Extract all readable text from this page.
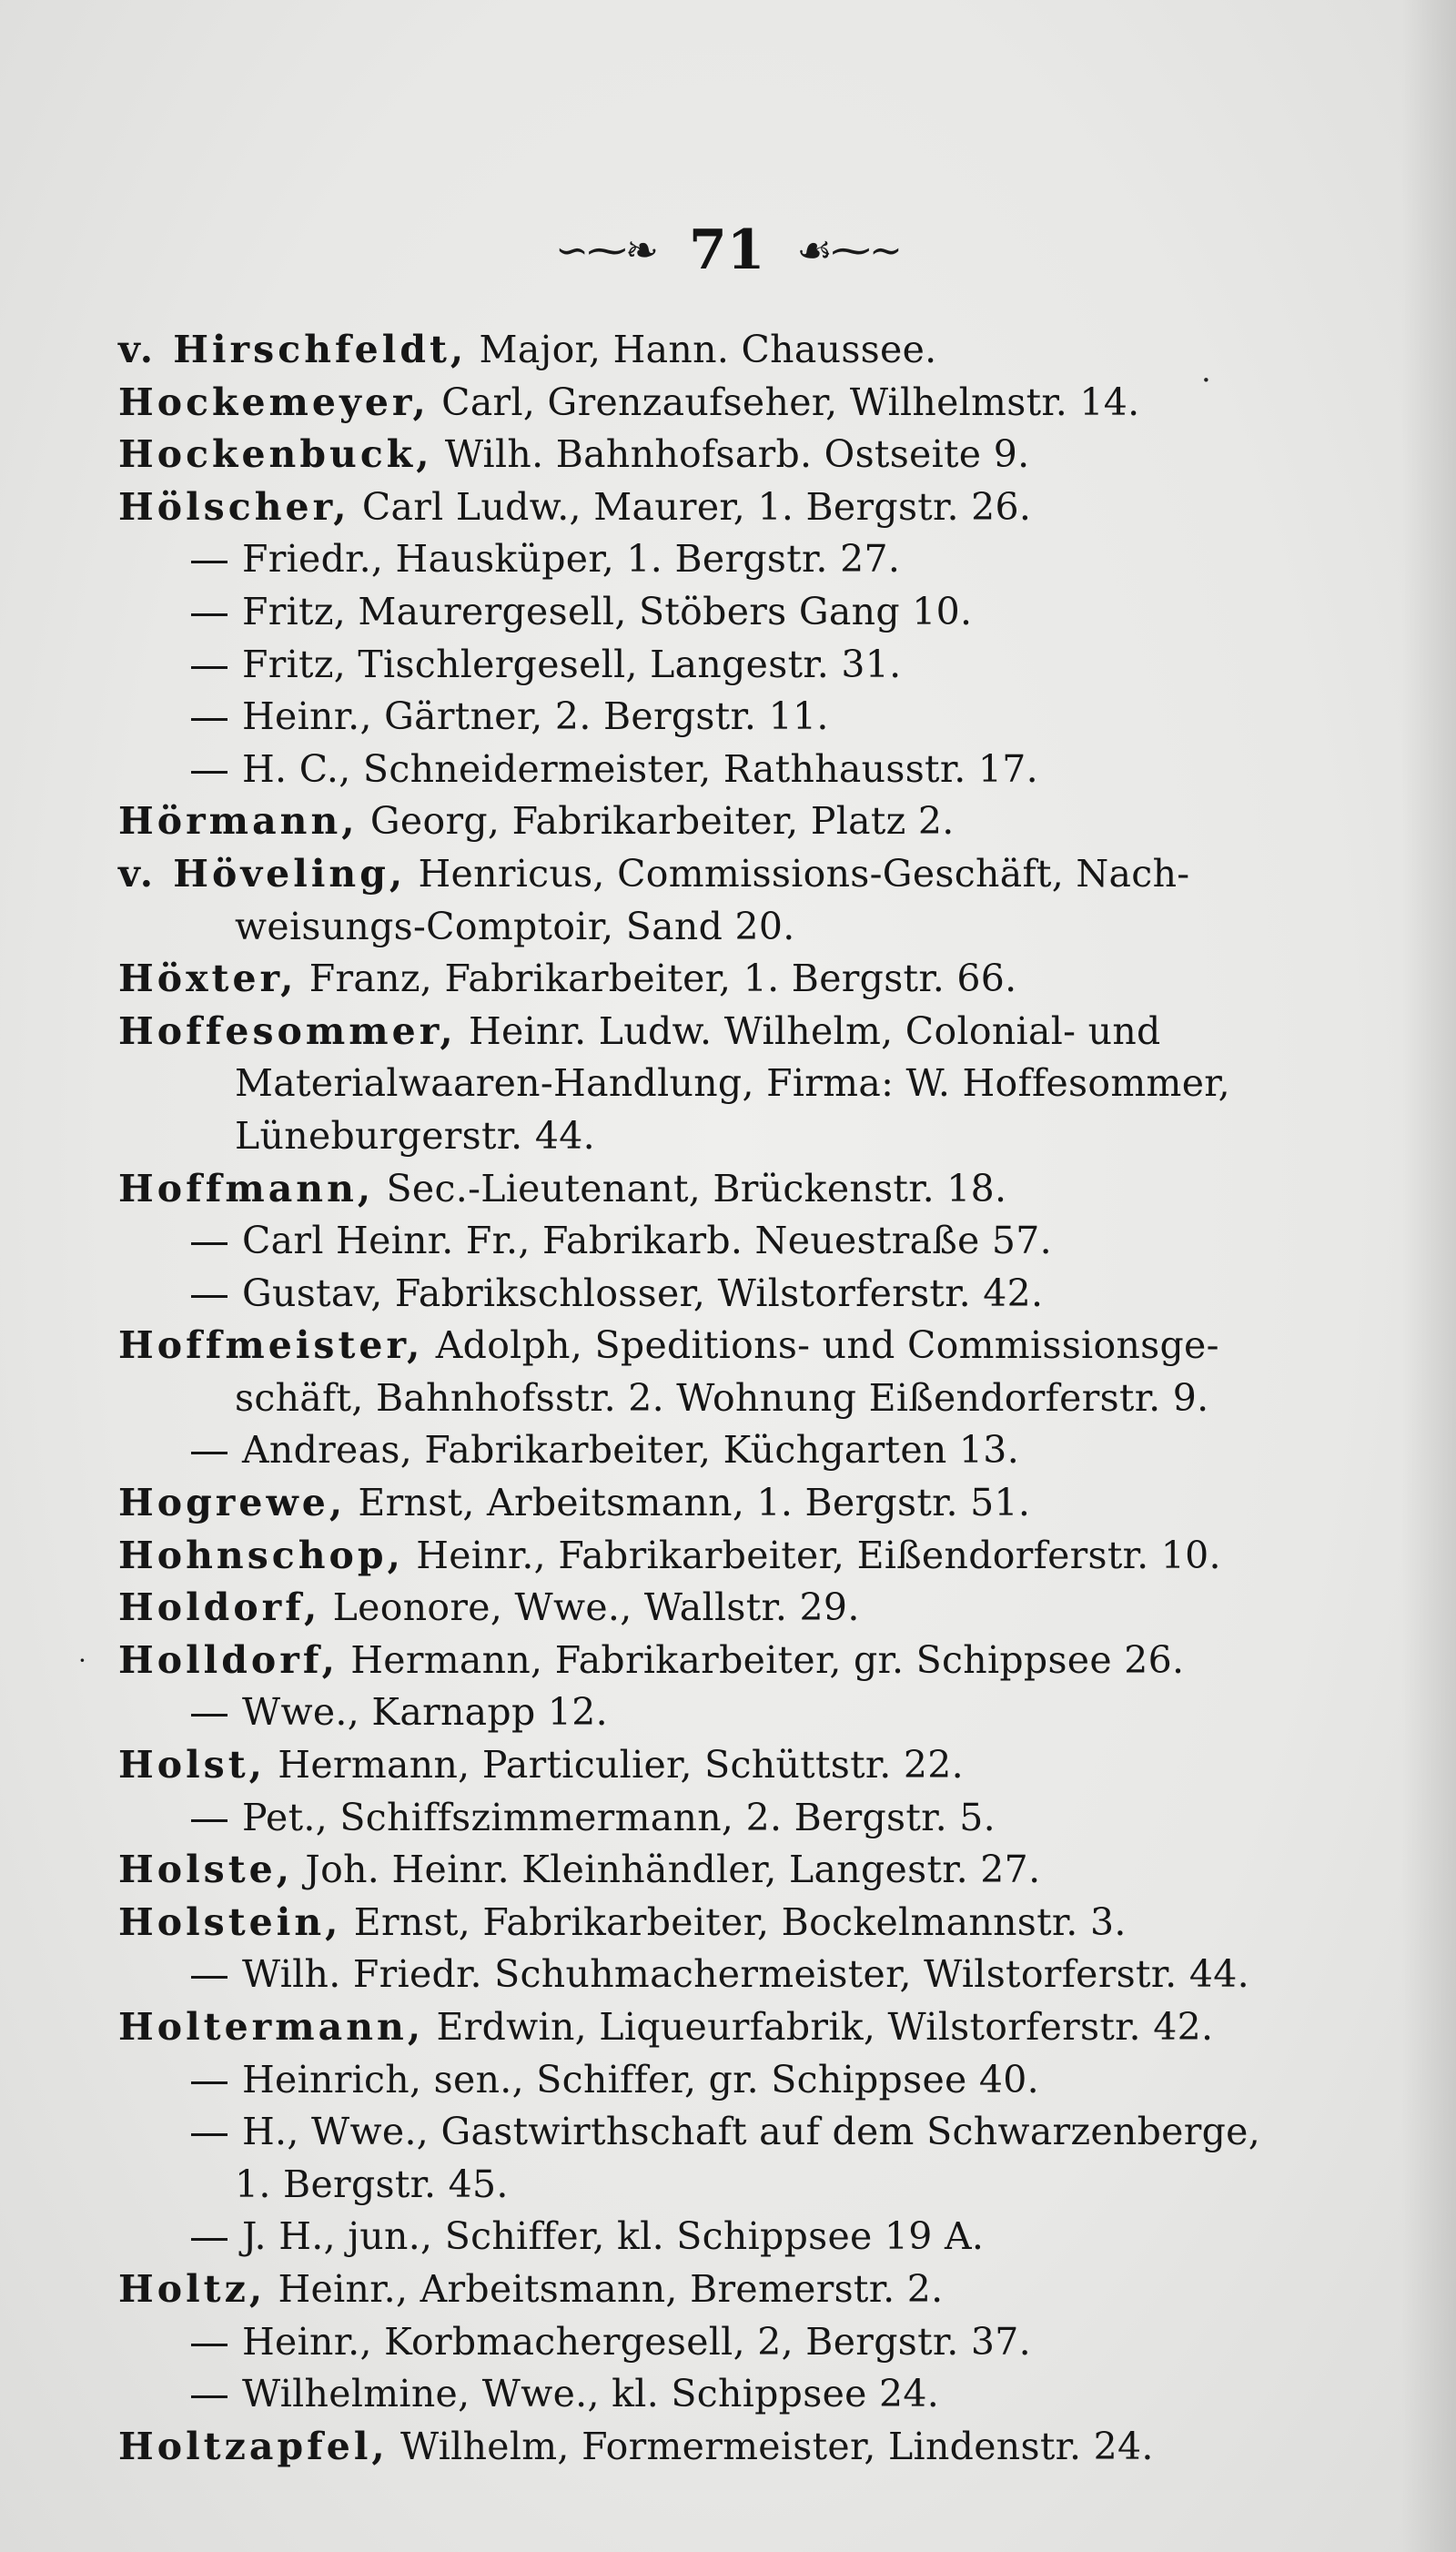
∽⁓❧ 71 ☙⁓∼
·
v. Hirschfeldt, Major, Hann. Chaussee.
Hockemeyer, Carl, Grenzaufseher, Wilhelmstr. 14.
Hockenbuck, Wilh. Bahnhofsarb. Ostseite 9.
Hölscher, Carl Ludw., Maurer, 1. Bergstr. 26.
Friedr., Hausküper, 1. Bergstr. 27.
Fritz, Maurergesell, Stöbers Gang 10.
Fritz, Tischlergesell, Langestr. 31.
Heinr., Gärtner, 2. Bergstr. 11.
H. C., Schneidermeister, Rathhausstr. 17.
Hörmann, Georg, Fabrikarbeiter, Platz 2.
v. Höveling, Henricus, Commissions-Geschäft, Nach-
weisungs-Comptoir, Sand 20.
Höxter, Franz, Fabrikarbeiter, 1. Bergstr. 66.
Hoffesommer, Heinr. Ludw. Wilhelm, Colonial- und
Materialwaaren-Handlung, Firma: W. Hoffesommer,
Lüneburgerstr. 44.
Hoffmann, Sec.-Lieutenant, Brückenstr. 18.
Carl Heinr. Fr., Fabrikarb. Neuestraße 57.
Gustav, Fabrikschlosser, Wilstorferstr. 42.
Hoffmeister, Adolph, Speditions- und Commissionsge-
schäft, Bahnhofsstr. 2. Wohnung Eißendorferstr. 9.
Andreas, Fabrikarbeiter, Küchgarten 13.
Hogrewe, Ernst, Arbeitsmann, 1. Bergstr. 51.
Hohnschop, Heinr., Fabrikarbeiter, Eißendorferstr. 10.
Holdorf, Leonore, Wwe., Wallstr. 29.
· Holldorf, Hermann, Fabrikarbeiter, gr. Schippsee 26.
Wwe., Karnapp 12.
Holst, Hermann, Particulier, Schüttstr. 22.
Pet., Schiffszimmermann, 2. Bergstr. 5.
Holste, Joh. Heinr. Kleinhändler, Langestr. 27.
Holstein, Ernst, Fabrikarbeiter, Bockelmannstr. 3.
Wilh. Friedr. Schuhmachermeister, Wilstorferstr. 44.
Holtermann, Erdwin, Liqueurfabrik, Wilstorferstr. 42.
Heinrich, sen., Schiffer, gr. Schippsee 40.
H., Wwe., Gastwirthschaft auf dem Schwarzenberge,
1. Bergstr. 45.
J. H., jun., Schiffer, kl. Schippsee 19 A.
Holtz, Heinr., Arbeitsmann, Bremerstr. 2.
Heinr., Korbmachergesell, 2, Bergstr. 37.
Wilhelmine, Wwe., kl. Schippsee 24.
Holtzapfel, Wilhelm, Formermeister, Lindenstr. 24.
